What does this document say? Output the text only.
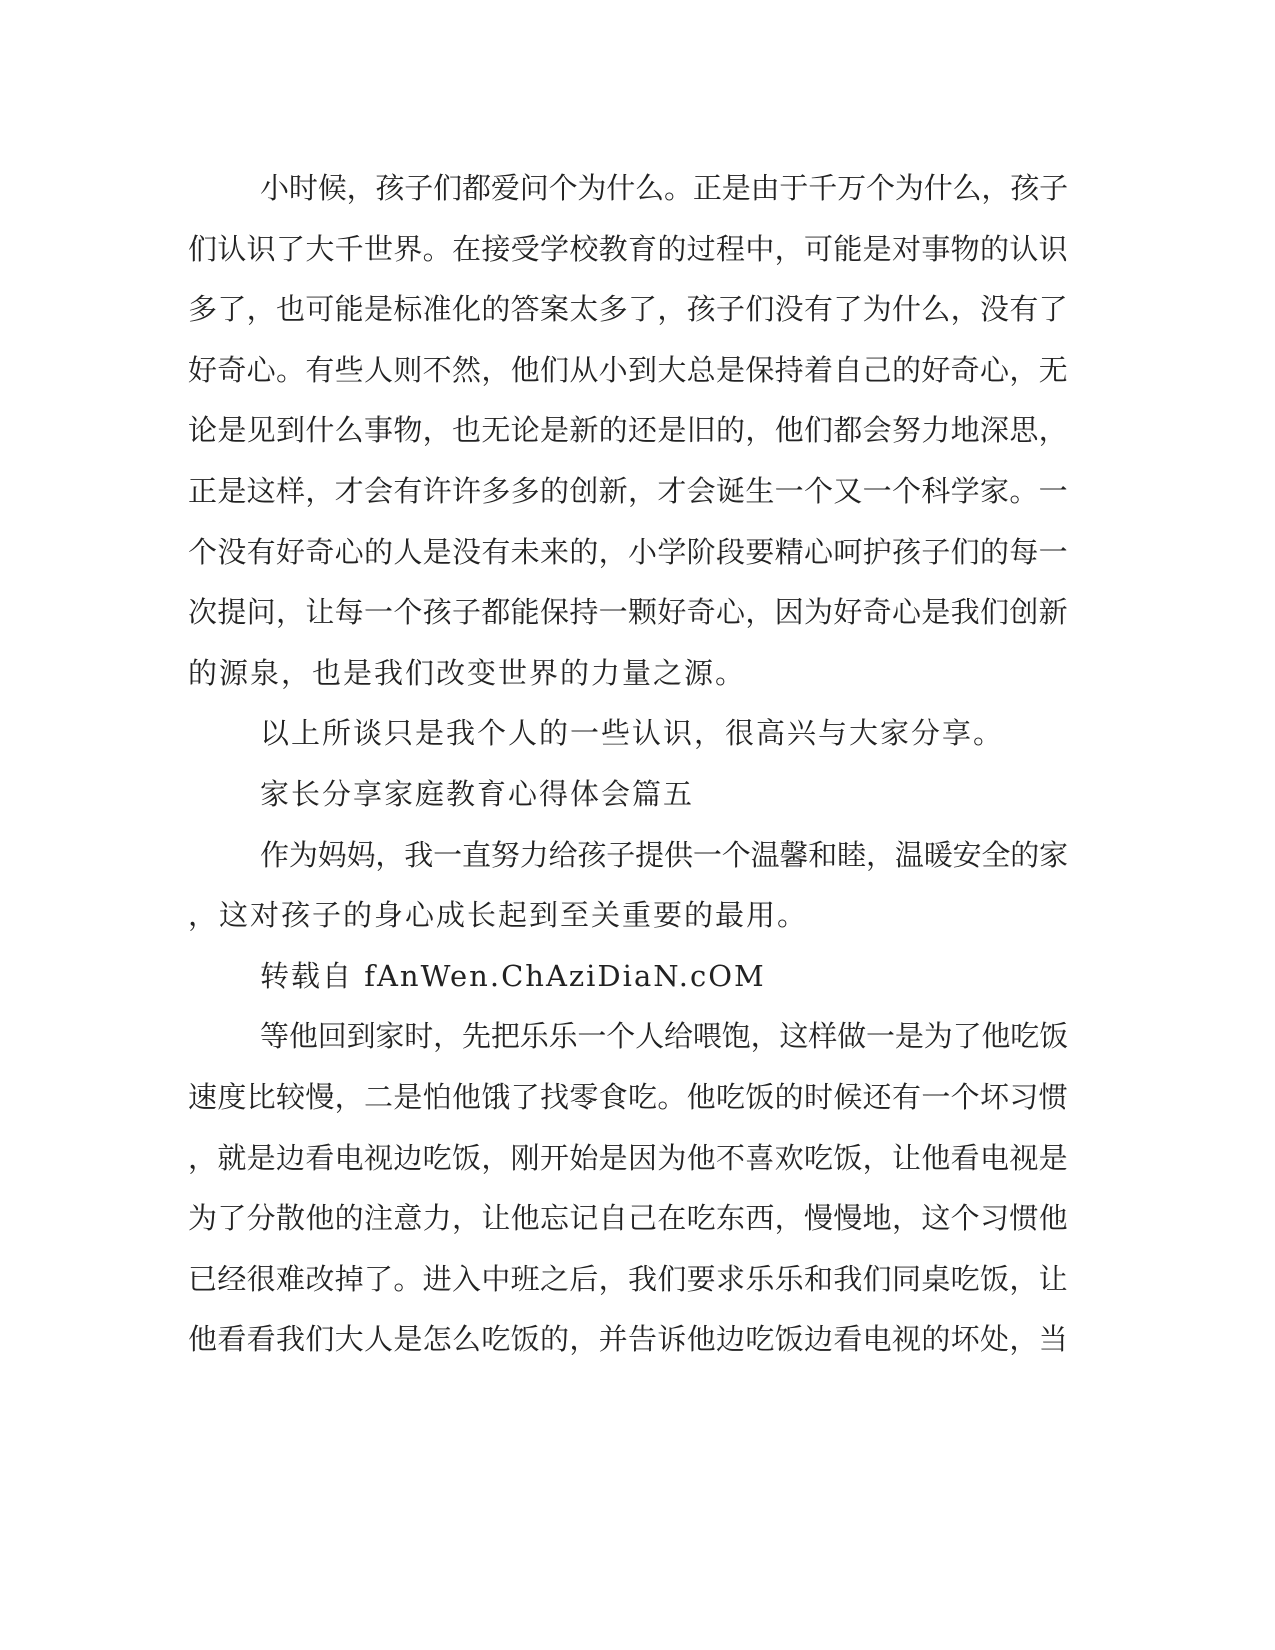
小时候，孩子们都爱问个为什么。正是由于千万个为什么，孩子
们认识了大千世界。在接受学校教育的过程中，可能是对事物的认识
多了，也可能是标准化的答案太多了，孩子们没有了为什么，没有了
好奇心。有些人则不然，他们从小到大总是保持着自己的好奇心，无
论是见到什么事物，也无论是新的还是旧的，他们都会努力地深思，
正是这样，才会有许许多多的创新，才会诞生一个又一个科学家。一
个没有好奇心的人是没有未来的，小学阶段要精心呵护孩子们的每一
次提问，让每一个孩子都能保持一颗好奇心，因为好奇心是我们创新
的源泉，也是我们改变世界的力量之源。
以上所谈只是我个人的一些认识，很高兴与大家分享。
家长分享家庭教育心得体会篇五
作为妈妈，我一直努力给孩子提供一个温馨和睦，温暖安全的家
，这对孩子的身心成长起到至关重要的最用。
转载自 fAnWen.ChAziDiaN.cOM
等他回到家时，先把乐乐一个人给喂饱，这样做一是为了他吃饭
速度比较慢，二是怕他饿了找零食吃。他吃饭的时候还有一个坏习惯
，就是边看电视边吃饭，刚开始是因为他不喜欢吃饭，让他看电视是
为了分散他的注意力，让他忘记自己在吃东西，慢慢地，这个习惯他
已经很难改掉了。进入中班之后，我们要求乐乐和我们同桌吃饭，让
他看看我们大人是怎么吃饭的，并告诉他边吃饭边看电视的坏处，当
